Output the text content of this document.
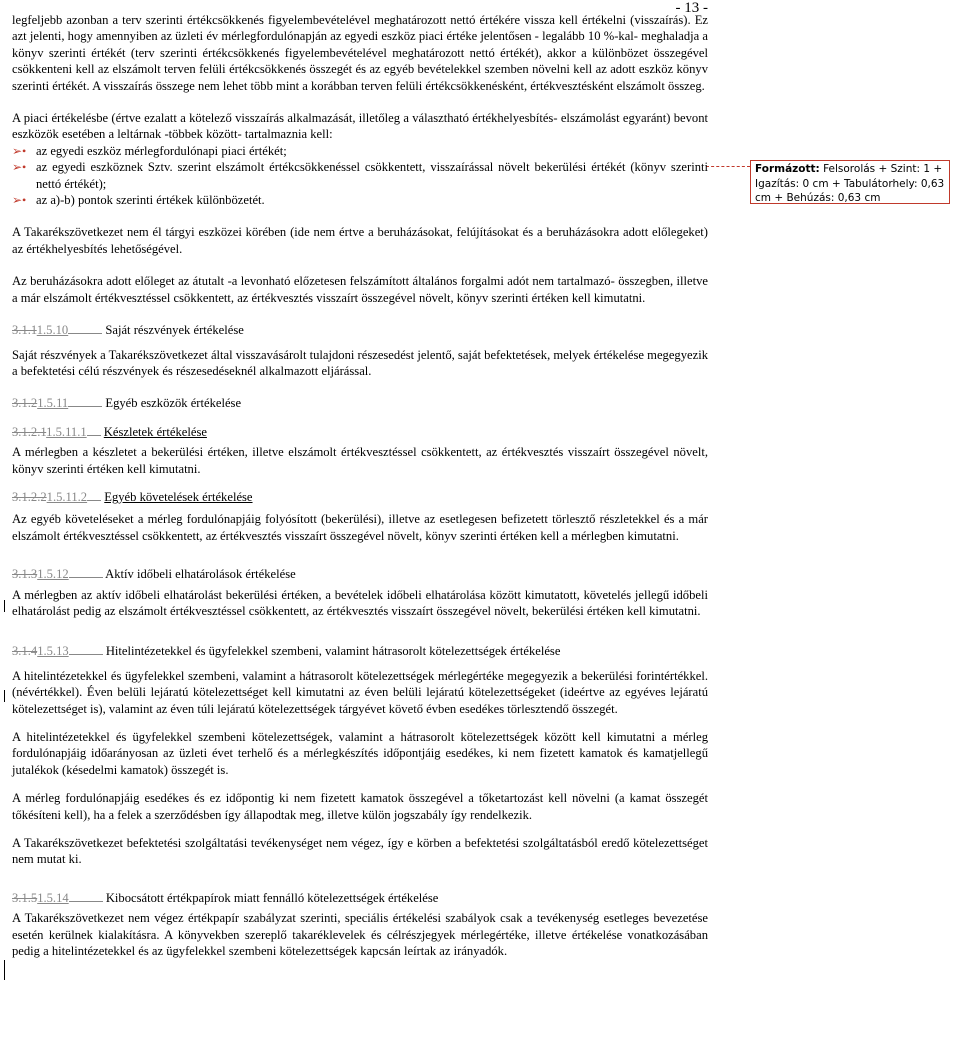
- 13 -
Formázott: Felsorolás + Szint: 1 + Igazítás: 0 cm + Tabulátorhely: 0,63 cm + Behúzás: 0,63 cm

legfeljebb azonban a terv szerinti értékcsökkenés figyelembevételével meghatározott nettó értékére vissza kell értékelni (visszaírás). Ez azt jelenti, hogy amennyiben az üzleti év mérlegfordulónapján az egyedi eszköz piaci értéke jelentősen - legalább 10 %-kal- meghaladja a könyv szerinti értékét (terv szerinti értékcsökkenés figyelembevételével meghatározott nettó értékét), akkor a különbözet összegével csökkenteni kell az elszámolt terven felüli értékcsökkenés összegét és az egyéb bevételekkel szemben növelni kell az adott eszköz könyv szerinti értékét. A visszaírás összege nem lehet több mint a korábban terven felüli értékcsökkenésként, értékvesztésként elszámolt összeg.

A piaci értékelésbe (értve ezalatt a kötelező visszaírás alkalmazását, illetőleg a választható értékhelyesbítés- elszámolást egyaránt) bevont eszközök esetében a leltárnak -többek között- tartalmaznia kell:

➢• az egyedi eszköz mérlegfordulónapi piaci értékét;
➢• az egyedi eszköznek Sztv. szerint elszámolt értékcsökkenéssel csökkentett, visszaírással növelt bekerülési értékét (könyv szerinti nettó értékét);
➢• az a)-b) pontok szerinti értékek különbözetét.

A Takarékszövetkezet nem él tárgyi eszközei körében (ide nem értve a beruházásokat, felújításokat és a beruházásokra adott előlegeket) az értékhelyesbítés lehetőségével.

Az beruházásokra adott előleget az átutalt -a levonható előzetesen felszámított általános forgalmi adót nem tartalmazó- összegben, illetve a már elszámolt értékvesztéssel csökkentett, az értékvesztés visszaírt összegével növelt, könyv szerinti értéken kell kimutatni.

3.1.11.5.10	Saját részvények értékelése

Saját részvények a Takarékszövetkezet által visszavásárolt tulajdoni részesedést jelentő, saját befektetések, melyek értékelése megegyezik a befektetési célú részvények és részesedéseknél alkalmazott eljárással.

3.1.21.5.11	Egyéb eszközök értékelése

3.1.2.11.5.11.1 Készletek értékelése

A mérlegben a készletet a bekerülési értéken, illetve elszámolt értékvesztéssel csökkentett, az értékvesztés visszaírt összegével növelt, könyv szerinti értéken kell kimutatni.

3.1.2.21.5.11.2 Egyéb követelések értékelése

Az egyéb követeléseket a mérleg fordulónapjáig folyósított (bekerülési), illetve az esetlegesen befizetett törlesztő részletekkel és a már elszámolt értékvesztéssel csökkentett, az értékvesztés visszaírt összegével növelt, könyv szerinti értéken kell a mérlegben kimutatni.

3.1.31.5.12	Aktív időbeli elhatárolások értékelése

A mérlegben az aktív időbeli elhatárolást bekerülési értéken, a bevételek időbeli elhatárolása között kimutatott, követelés jellegű időbeli elhatárolást pedig az elszámolt értékvesztéssel csökkentett, az értékvesztés visszaírt összegével növelt, bekerülési értéken kell kimutatni.

3.1.41.5.13	Hitelintézetekkel és ügyfelekkel szembeni, valamint hátrasorolt kötelezettségek értékelése

A hitelintézetekkel és ügyfelekkel szembeni, valamint a hátrasorolt kötelezettségek mérlegértéke megegyezik a bekerülési forintértékkel. (névértékkel). Éven belüli lejáratú kötelezettséget kell kimutatni az éven belüli lejáratú kötelezettségeket (ideértve az egyéves lejáratú kötelezettséget is), valamint az éven túli lejáratú kötelezettségek tárgyévet követő évben esedékes törlesztendő összegét.

A hitelintézetekkel és ügyfelekkel szembeni kötelezettségek, valamint a hátrasorolt kötelezettségek között kell kimutatni a mérleg fordulónapjáig időarányosan az üzleti évet terhelő és a mérlegkészítés időpontjáig esedékes, ki nem fizetett kamatok és kamatjellegű jutalékok (késedelmi kamatok) összegét is.

A mérleg fordulónapjáig esedékes és ez időpontig ki nem fizetett kamatok összegével a tőketartozást kell növelni (a kamat összegét tőkésíteni kell), ha a felek a szerződésben így állapodtak meg, illetve külön jogszabály így rendelkezik.

A Takarékszövetkezet befektetési szolgáltatási tevékenységet nem végez, így e körben a befektetési szolgáltatásból eredő kötelezettséget nem mutat ki.

3.1.51.5.14	Kibocsátott értékpapírok miatt fennálló kötelezettségek értékelése

A Takarékszövetkezet nem végez értékpapír szabályzat szerinti, speciális értékelési szabályok csak a tevékenység esetleges bevezetése esetén kerülnek kialakításra. A könyvekben szereplő takaréklevelek és célrészjegyek mérlegértéke, illetve értékelése vonatkozásában pedig a hitelintézetekkel és az ügyfelekkel szembeni kötelezettségek kapcsán leírtak az irányadók.
